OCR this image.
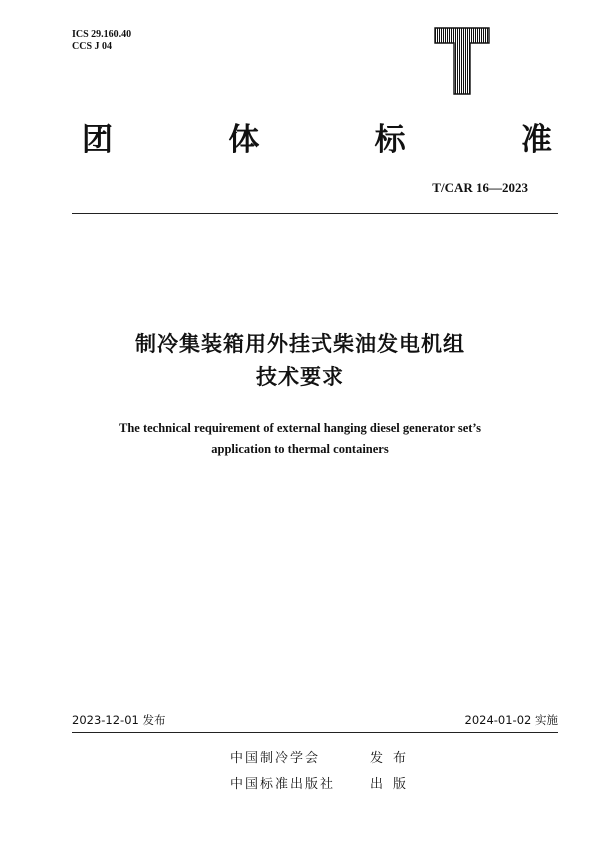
ICS 29.160.40
CCS J 04
团	体	标	准
T/CAR 16—2023
制冷集装箱用外挂式柴油发电机组
技术要求
The technical requirement of external hanging diesel generator set’s
application to thermal containers
2023-12-01 发布	2024-01-02 实施
中国制冷学会	发布
中国标准出版社	出版
